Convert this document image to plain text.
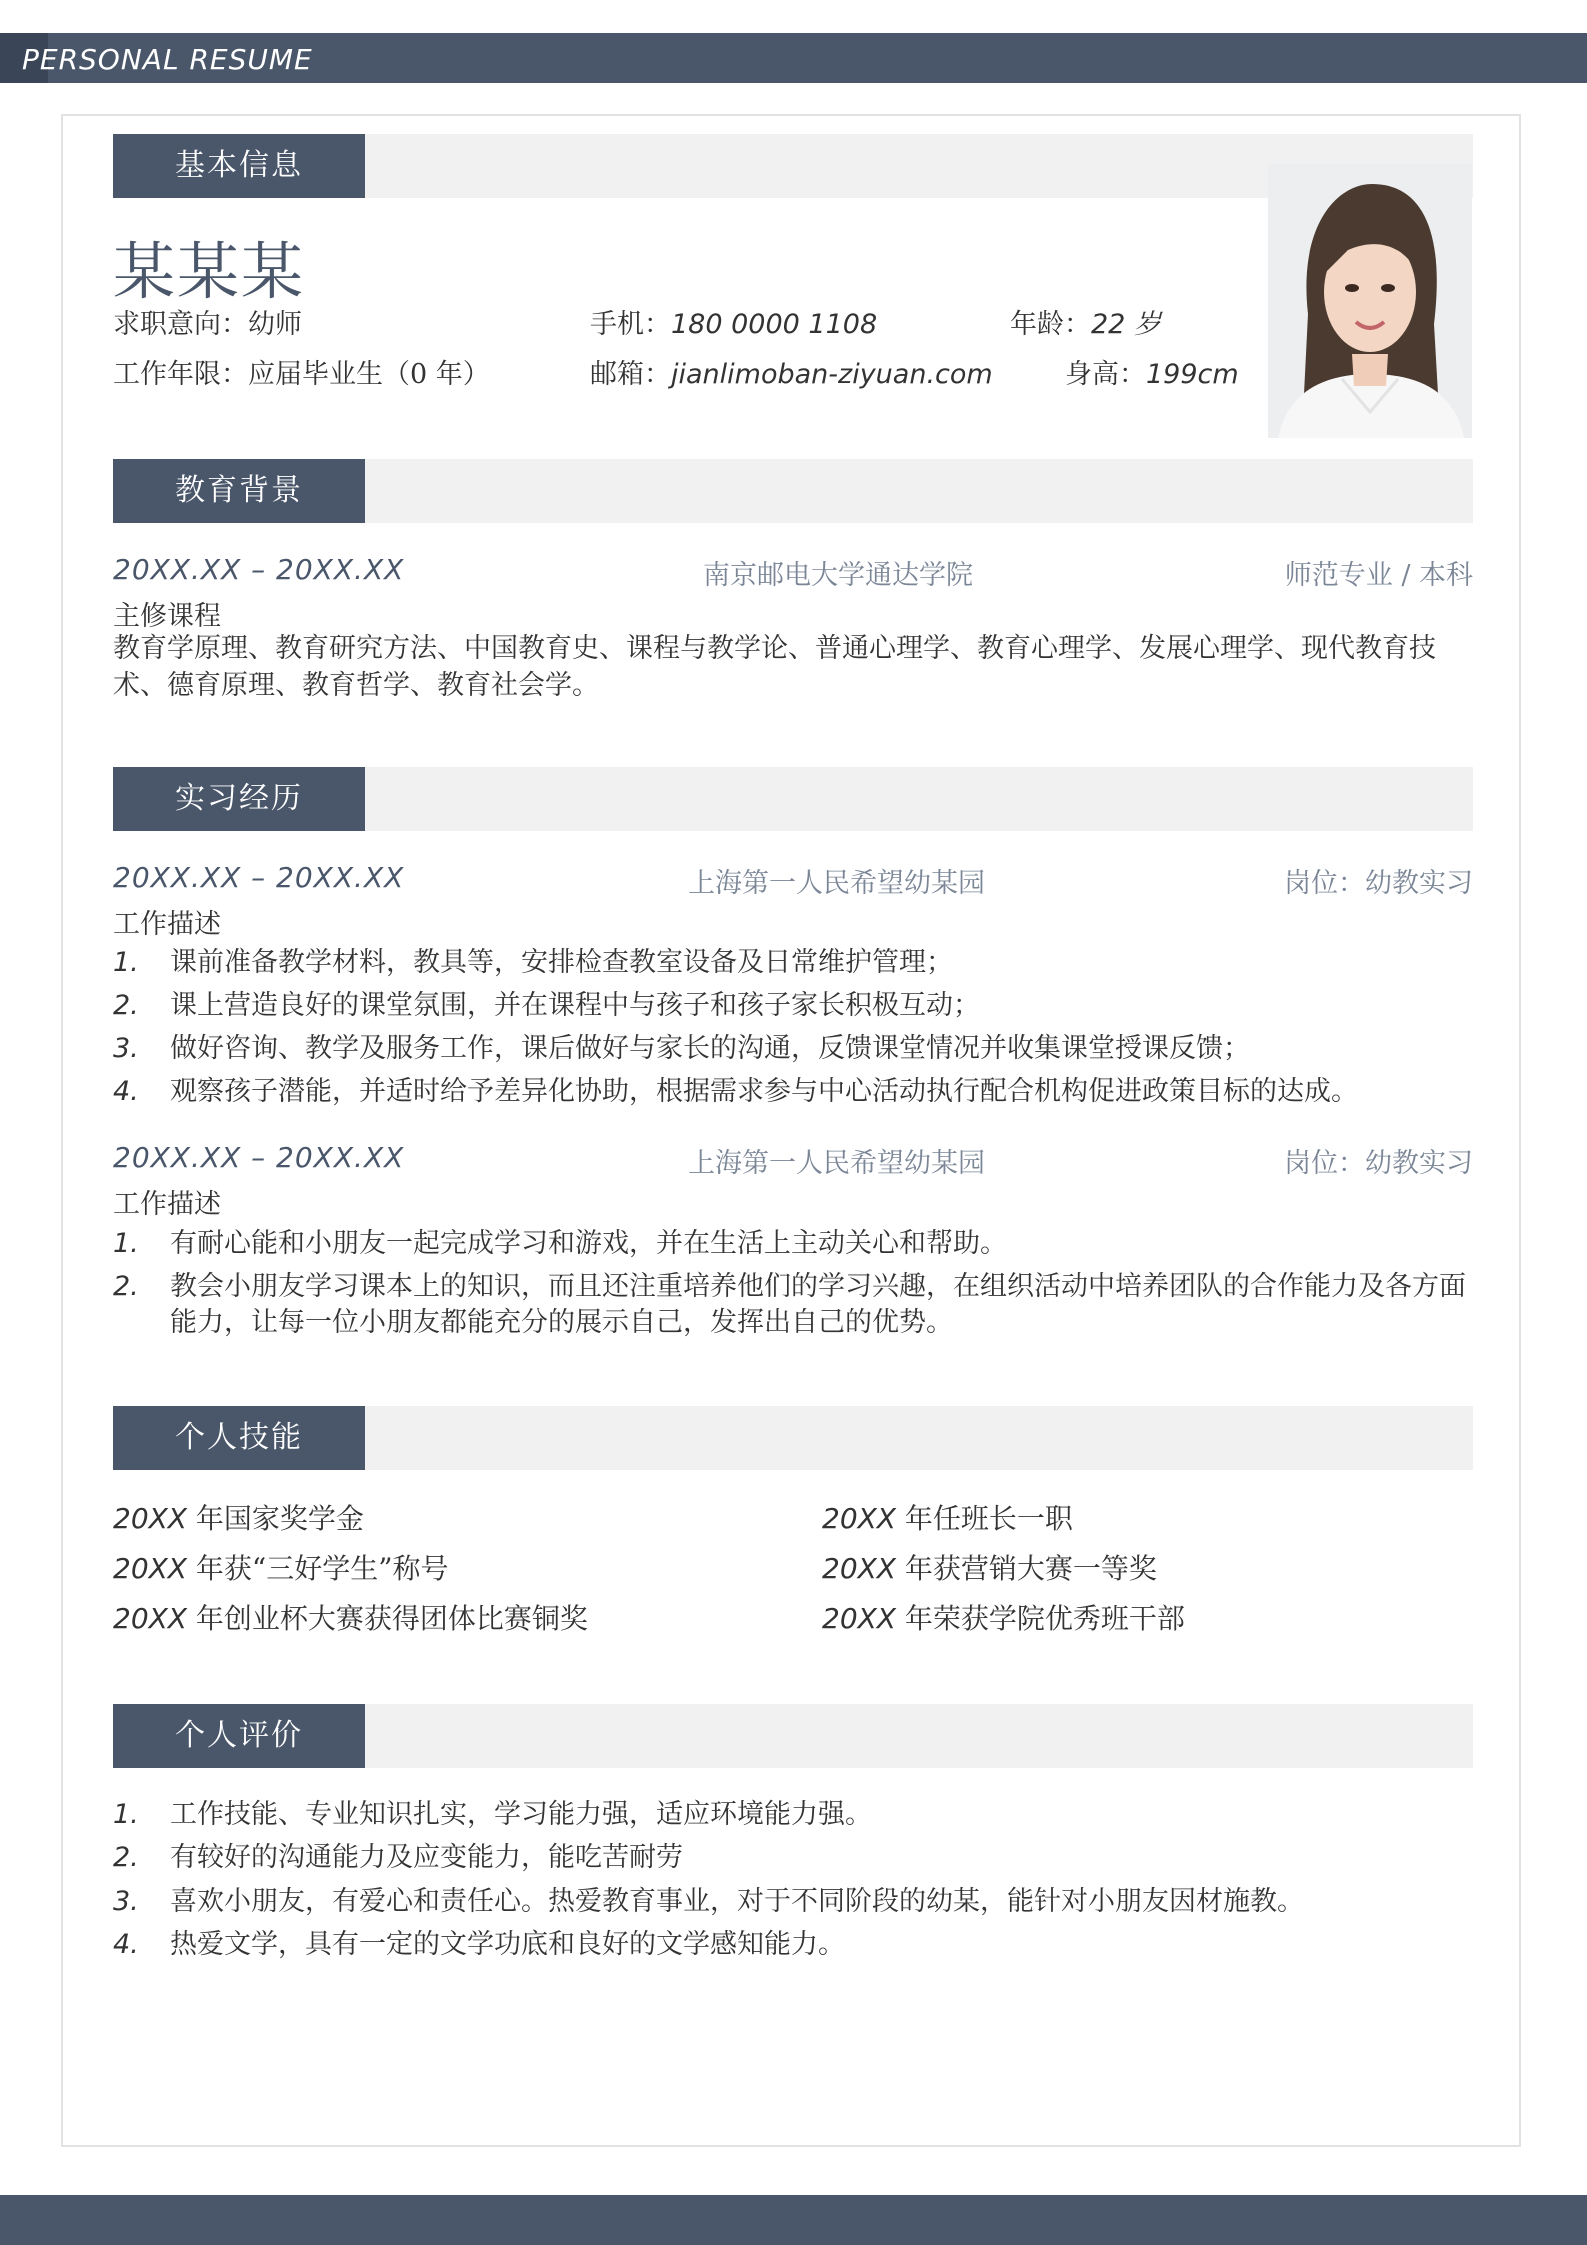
PERSONAL RESUME
基本信息
某某某
求职意向：幼师
工作年限：应届毕业生（0 年）
手机：180 0000 1108
邮箱：jianlimoban-ziyuan.com
年龄：22 岁
身高：199cm
教育背景
20XX.XX – 20XX.XX	南京邮电大学通达学院	师范专业 / 本科
主修课程
教育学原理、教育研究方法、中国教育史、课程与教学论、普通心理学、教育心理学、发展心理学、现代教育技术、德育原理、教育哲学、教育社会学。
实习经历
20XX.XX – 20XX.XX	上海第一人民希望幼某园	岗位：幼教实习
工作描述
1. 课前准备教学材料，教具等，安排检查教室设备及日常维护管理；
2. 课上营造良好的课堂氛围，并在课程中与孩子和孩子家长积极互动；
3. 做好咨询、教学及服务工作，课后做好与家长的沟通，反馈课堂情况并收集课堂授课反馈；
4. 观察孩子潜能，并适时给予差异化协助，根据需求参与中心活动执行配合机构促进政策目标的达成。
20XX.XX – 20XX.XX	上海第一人民希望幼某园	岗位：幼教实习
工作描述
1. 有耐心能和小朋友一起完成学习和游戏，并在生活上主动关心和帮助。
2. 教会小朋友学习课本上的知识，而且还注重培养他们的学习兴趣，在组织活动中培养团队的合作能力及各方面能力，让每一位小朋友都能充分的展示自己，发挥出自己的优势。
个人技能
20XX 年国家奖学金	20XX 年任班长一职
20XX 年获“三好学生”称号	20XX 年获营销大赛一等奖
20XX 年创业杯大赛获得团体比赛铜奖	20XX 年荣获学院优秀班干部
个人评价
1. 工作技能、专业知识扎实，学习能力强，适应环境能力强。
2. 有较好的沟通能力及应变能力，能吃苦耐劳
3. 喜欢小朋友，有爱心和责任心。热爱教育事业，对于不同阶段的幼某，能针对小朋友因材施教。
4. 热爱文学，具有一定的文学功底和良好的文学感知能力。
